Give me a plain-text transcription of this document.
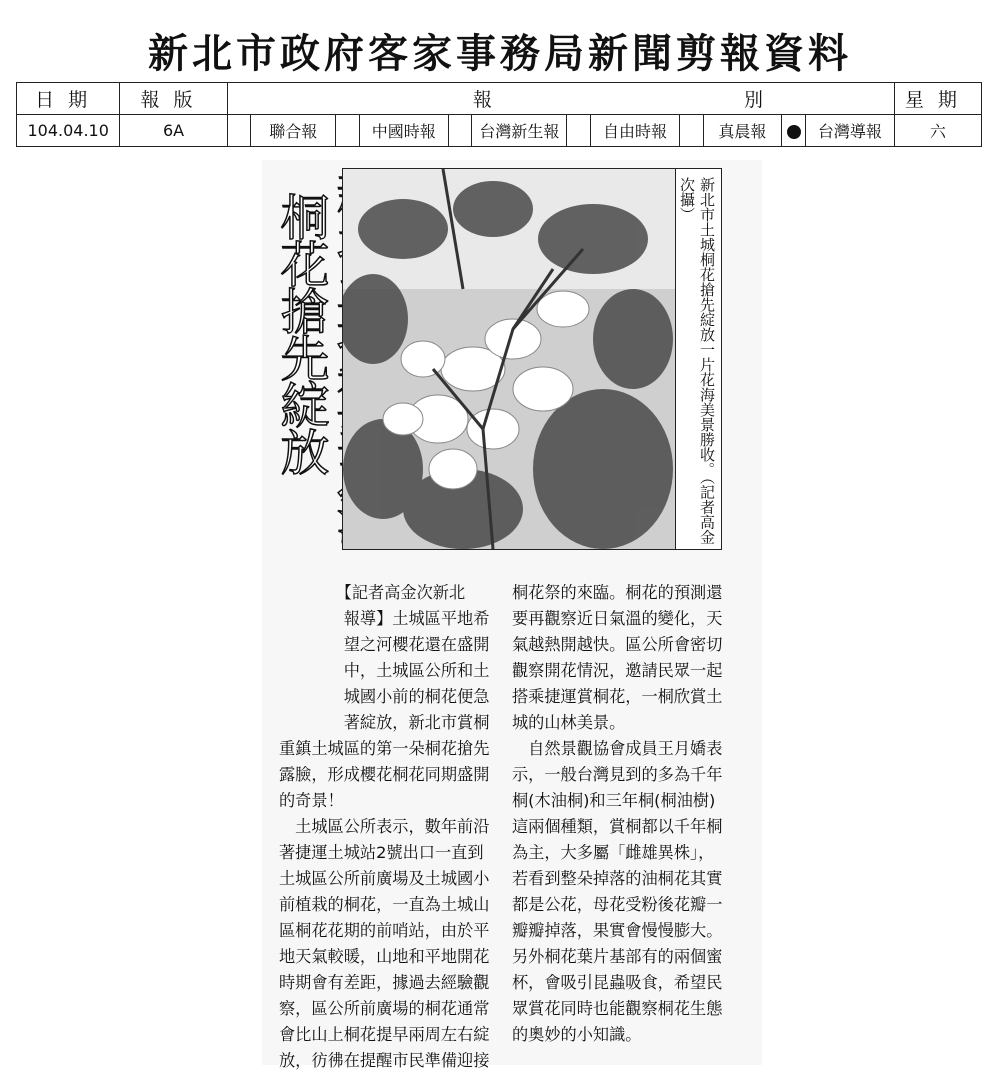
新北市政府客家事務局新聞剪報資料
日期	報版	報 別												星期
104.04.10	6A		聯合報		中國時報		台灣新生報		自由時報		真晨報		台灣導報	六

桐花搶先綻放	新北市土城桐花搶先綻放一片花海美景勝收。（記者高金次攝）

　　　　【記者高金次新北

　　　　報導】土城區平地希

　　　　望之河櫻花還在盛開

　　　　中，土城區公所和土

　　　　城國小前的桐花便急

　　　　著綻放，新北市賞桐

重鎮土城區的第一朵桐花搶先

露臉，形成櫻花桐花同期盛開

的奇景！

　土城區公所表示，數年前沿

著捷運土城站2號出口一直到

土城區公所前廣場及土城國小

前植栽的桐花，一直為土城山

區桐花花期的前哨站，由於平

地天氣較暖，山地和平地開花

時期會有差距，據過去經驗觀

察，區公所前廣場的桐花通常

會比山上桐花提早兩周左右綻

放，彷彿在提醒市民準備迎接

桐花祭的來臨。桐花的預測還

要再觀察近日氣溫的變化，天

氣越熱開越快。區公所會密切

觀察開花情況，邀請民眾一起

搭乘捷運賞桐花，一桐欣賞土

城的山林美景。

　自然景觀協會成員王月嬌表

示，一般台灣見到的多為千年

桐(木油桐)和三年桐(桐油樹)

這兩個種類，賞桐都以千年桐

為主，大多屬「雌雄異株」，

若看到整朵掉落的油桐花其實

都是公花，母花受粉後花瓣一

瓣瓣掉落，果實會慢慢膨大。

另外桐花葉片基部有的兩個蜜

杯，會吸引昆蟲吸食，希望民

眾賞花同時也能觀察桐花生態

的奧妙的小知識。
